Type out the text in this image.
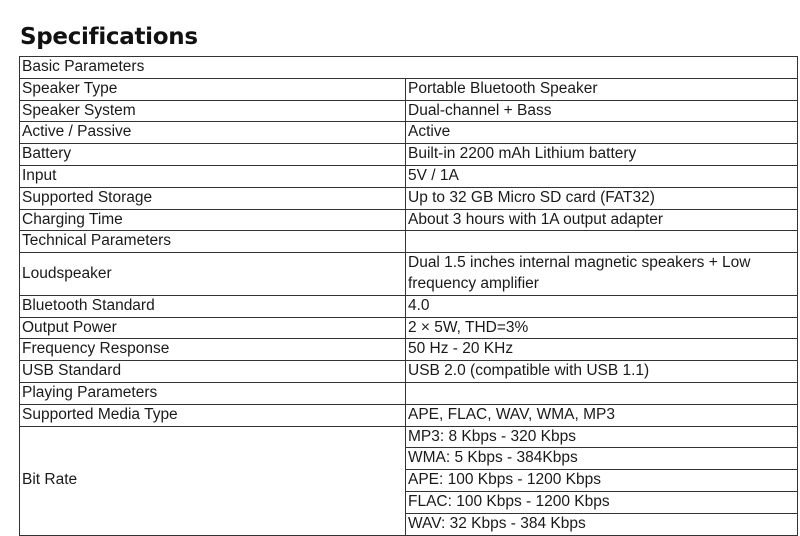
Specifications
Basic Parameters	
Speaker Type	Portable Bluetooth Speaker
Speaker System	Dual-channel + Bass
Active / Passive	Active
Battery	Built-in 2200 mAh Lithium battery
Input	5V / 1A
Supported Storage	Up to 32 GB Micro SD card (FAT32)
Charging Time	About 3 hours with 1A output adapter
Technical Parameters	
Loudspeaker	Dual 1.5 inches internal magnetic speakers + Low frequency amplifier
Bluetooth Standard	4.0
Output Power	2 × 5W, THD=3%
Frequency Response	50 Hz - 20 KHz
USB Standard	USB 2.0 (compatible with USB 1.1)
Playing Parameters	
Supported Media Type	APE, FLAC, WAV, WMA, MP3
Bit Rate	MP3: 8 Kbps - 320 Kbps
WMA: 5 Kbps - 384Kbps
APE: 100 Kbps - 1200 Kbps
FLAC: 100 Kbps - 1200 Kbps
WAV: 32 Kbps - 384 Kbps
